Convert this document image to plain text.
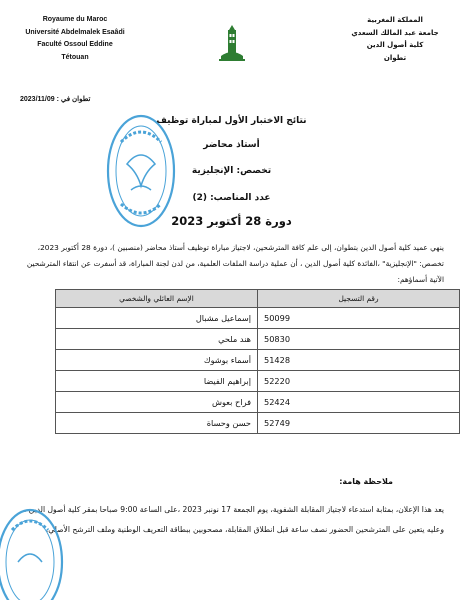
Royaume du Maroc
Université Abdelmalek Esaâdi
Faculté Ossoul Eddine
Tétouan
المملكة المغربية
جامعة عبد المالك السعدي
كلية أصول الدين
تطوان
تطوان في : 2023/11/09
نتائج الاختبار الأول لمباراة توظيف
أستاذ محاضر
تخصص: الإنجليزية
عدد المناصب: (2)
دورة 28 أكتوبر 2023
ينهي عميد كلية أصول الدين بتطوان، إلى علم كافة المترشحين، لاجتياز مباراة توظيف أستاذ محاضر (منصبين )، دورة 28 أكتوبر 2023، تخصص: "الإنجليزية" ،الفائدة كلية أصول الدين ، أن عملية دراسة الملفات العلمية، من لدن لجنة المباراة، قد أسفرت عن انتقاء المترشحين الآتية أسماؤهم:
الإسم العائلي والشخصي	رقم التسجيل
إسماعيل مشبال	50099
هند ملحي	50830
أسماء بوشوك	51428
إبراهيم الفيضا	52220
فراح بعوش	52424
حسن وحساة	52749
ملاحظة هامة:
يعد هذا الإعلان، بمثابة استدعاء لاجتياز المقابلة الشفوية، يوم الجمعة 17 نونبر 2023 ،على الساعة 9:00 صباحا بمقر كلية أصول الدين ، وعليه يتعين على المترشحين الحضور نصف ساعة قبل انطلاق المقابلة، مصحوبين ببطاقة التعريف الوطنية وملف الترشح الأصلي.
